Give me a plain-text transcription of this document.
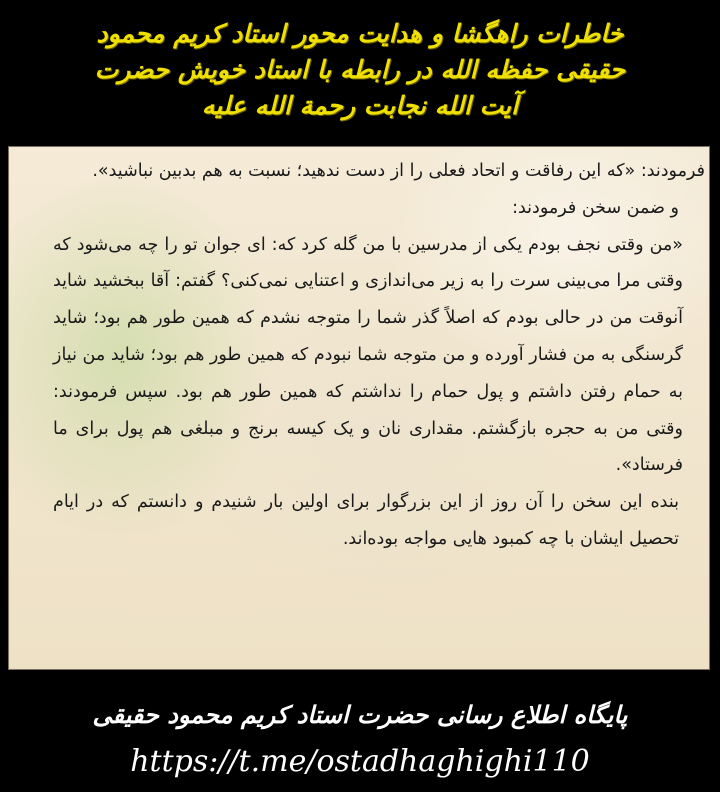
خاطرات راهگشا و هدایت محور استاد کریم محمود
حقیقی حفظه الله در رابطه با استاد خویش حضرت
آیت الله نجابت رحمة الله علیه

فرمودند: «که این رفاقت و اتحاد فعلی را از دست ندهید؛ نسبت به هم بدبین نباشید».

و ضمن سخن فرمودند:

«من وقتی نجف بودم یکی از مدرسین با من گله کرد که: ای جوان تو را چه می‌شود که وقتی مرا می‌بینی سرت را به زیر می‌اندازی و اعتنایی نمی‌کنی؟ گفتم: آقا ببخشید شاید آنوقت من در حالی بودم که اصلاً گذر شما را متوجه نشدم که همین طور هم بود؛ شاید گرسنگی به من فشار آورده و من متوجه شما نبودم که همین طور هم بود؛ شاید من نیاز به حمام رفتن داشتم و پول حمام را نداشتم که همین طور هم بود. سپس فرمودند: وقتی من به حجره بازگشتم. مقداری نان و یک کیسه برنج و مبلغی هم پول برای ما فرستاد».

بنده این سخن را آن روز از این بزرگوار برای اولین بار شنیدم و دانستم که در ایام تحصیل ایشان با چه کمبود هایی مواجه بوده‌اند.

پایگاه اطلاع رسانی حضرت استاد کریم محمود حقیقی
https://t.me/ostadhaghighi110
